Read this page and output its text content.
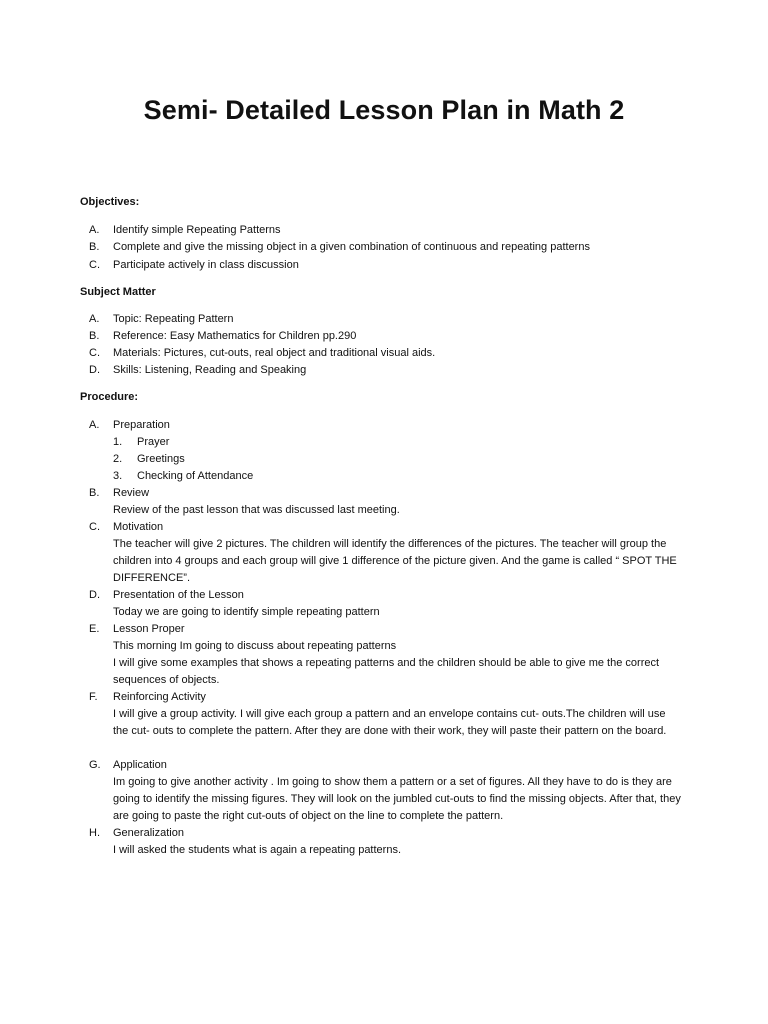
Semi- Detailed Lesson Plan in Math 2
Objectives:
A. Identify simple Repeating Patterns
B. Complete and give the missing object in a given combination of continuous and repeating patterns
C. Participate actively in class discussion
Subject Matter
A. Topic: Repeating Pattern
B. Reference: Easy Mathematics for Children pp.290
C. Materials: Pictures, cut-outs, real object and traditional visual aids.
D. Skills: Listening, Reading and Speaking
Procedure:
A. Preparation
1. Prayer
2. Greetings
3. Checking of Attendance
B. Review
Review of the past lesson that was discussed last meeting.
C. Motivation
The teacher will give 2 pictures. The children will identify the differences of the pictures. The teacher will group the children into 4 groups and each group will give 1 difference of the picture given. And the game is called “ SPOT THE DIFFERENCE”.
D. Presentation of the Lesson
Today we are going to identify simple repeating pattern
E. Lesson Proper
This morning Im going to discuss about repeating patterns
I will give some examples that shows a repeating patterns and the children should be able to give me the correct sequences of objects.
F. Reinforcing Activity
I will give a group activity. I will give each group a pattern and an envelope contains cut- outs.The children will use the cut- outs to complete the pattern. After they are done with their work, they will paste their pattern on the board.
G. Application
Im going to give another activity . Im going to show them a pattern or a set of figures. All they have to do is they are going to identify the missing figures. They will look on the jumbled cut-outs to find the missing objects. After that, they are going to paste the right cut-outs of object on the line to complete the pattern.
H. Generalization
I will asked the students what is again a repeating patterns.
